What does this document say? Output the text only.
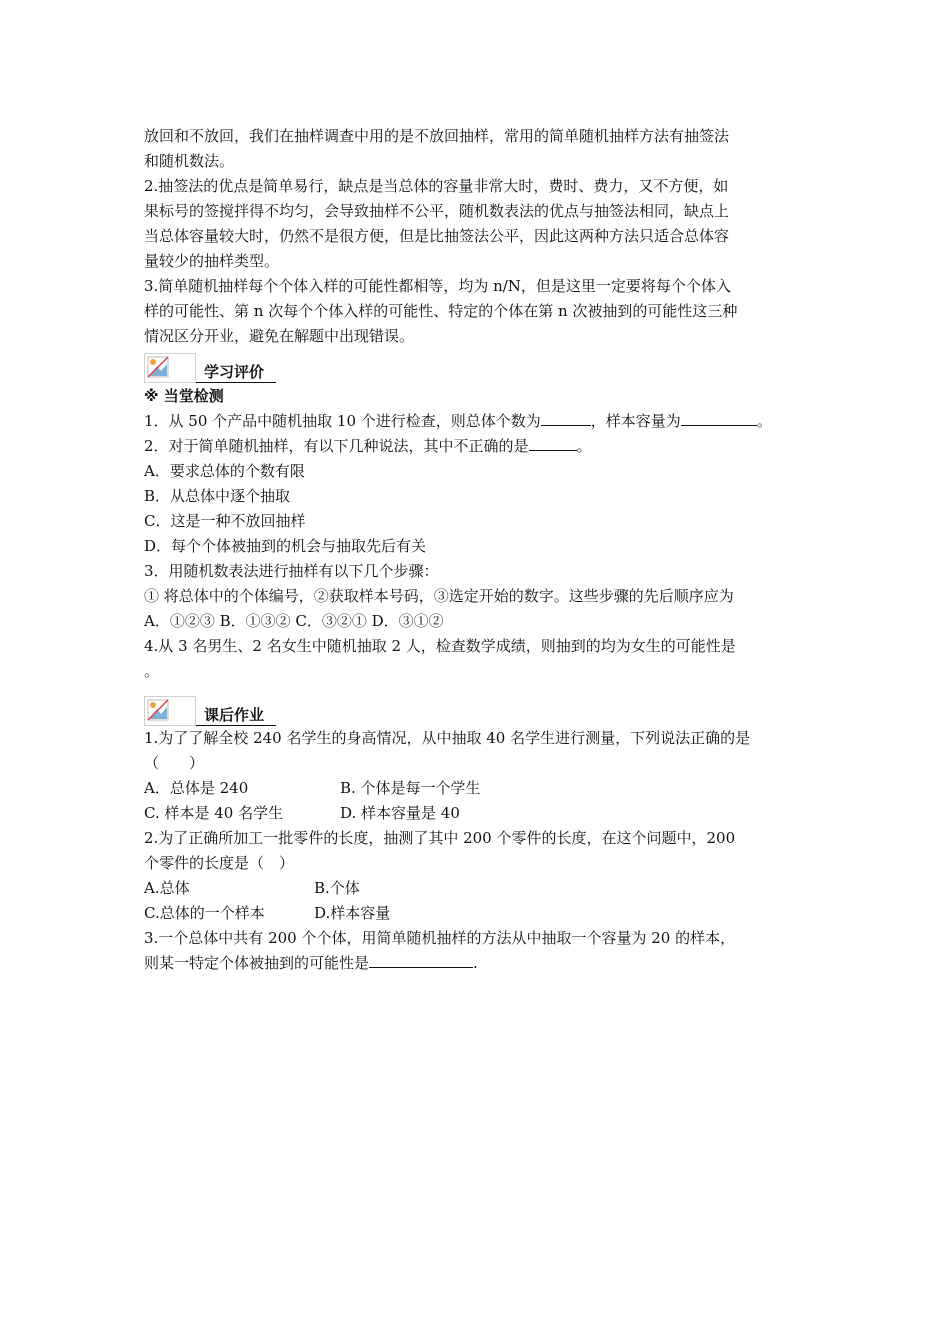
放回和不放回，我们在抽样调查中用的是不放回抽样，常用的简单随机抽样方法有抽签法
和随机数法。
2.抽签法的优点是简单易行，缺点是当总体的容量非常大时，费时、费力，又不方便，如
果标号的签搅拌得不均匀，会导致抽样不公平，随机数表法的优点与抽签法相同，缺点上
当总体容量较大时，仍然不是很方便，但是比抽签法公平，因此这两种方法只适合总体容
量较少的抽样类型。
3.简单随机抽样每个个体入样的可能性都相等，均为 n/N，但是这里一定要将每个个体入
样的可能性、第 n 次每个个体入样的可能性、特定的个体在第 n 次被抽到的可能性这三种
情况区分开业，避免在解题中出现错误。
学习评价
※ 当堂检测
1．从 50 个产品中随机抽取 10 个进行检查，则总体个数为	，样本容量为	。
2．对于简单随机抽样，有以下几种说法，其中不正确的是	。
A．要求总体的个数有限
B．从总体中逐个抽取
C．这是一种不放回抽样
D．每个个体被抽到的机会与抽取先后有关
3．用随机数表法进行抽样有以下几个步骤：
① 将总体中的个体编号，②获取样本号码，③选定开始的数字。这些步骤的先后顺序应为
A．①②③ B．①③② C．③②① D．③①②
4.从 3 名男生、2 名女生中随机抽取 2 人，检查数学成绩，则抽到的均为女生的可能性是
。
课后作业
1.为了了解全校 240 名学生的身高情况，从中抽取 40 名学生进行测量，下列说法正确的是
（　　）
A．总体是 240	B. 个体是每一个学生
C. 样本是 40 名学生	D. 样本容量是 40
2.为了正确所加工一批零件的长度，抽测了其中 200 个零件的长度，在这个问题中，200
个零件的长度是（　）
A.总体	B.个体
C.总体的一个样本	D.样本容量
3.一个总体中共有 200 个个体，用简单随机抽样的方法从中抽取一个容量为 20 的样本，
则某一特定个体被抽到的可能性是	.
